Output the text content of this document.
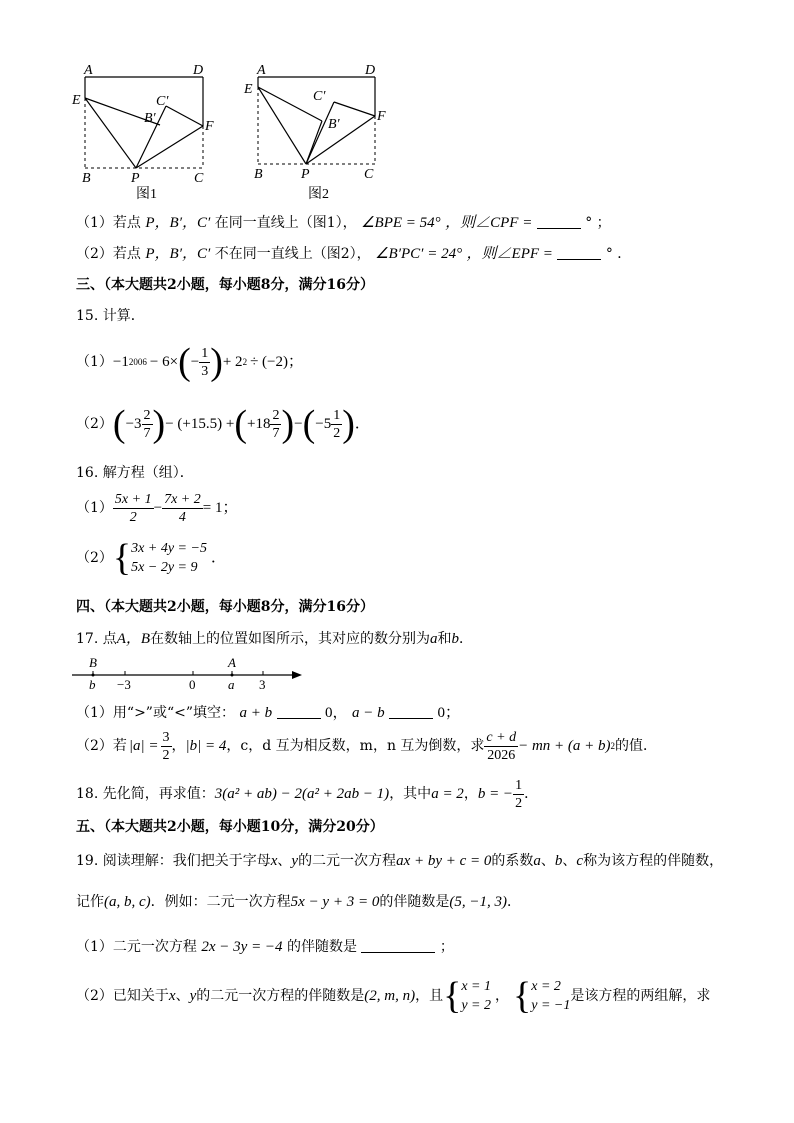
A	D
E
F
C′
B′
B	P	C
图1
A	D
E
F
C′
B′
B	P	C
图2
（1）若点 P，B′，C′ 在同一直线上（图1）， ∠BPE = 54° ，则∠CPF =	° ；
（2）若点 P，B′，C′ 不在同一直线上（图2）， ∠B′PC′ = 24° ，则∠EPF =	° ．
三、（本大题共2小题，每小题8分，满分16分）
15. 计算．
（1） −1 2006 − 6× ( − $\frac{1}{3}$ ) + 2 2 ÷ (−2)；
（2） ( $-3 \frac{2}{7}$ ) − (+15.5) + ( $+18 \frac{2}{7}$ ) − ( $-5 \frac{1}{2}$ ) ．
16. 解方程（组）．
$(1) \frac{5x + 1}{2} - \frac{7x + 2}{4} = 1$；
（2） { 3x + 4y = −5
5x − 2y = 9
．
四、（本大题共2小题，每小题8分，满分16分）
17. 点A，B在数轴上的位置如图所示，其对应的数分别为a和b．
B	A
b	a
−3	0	3
（1）用“>”或“<”填空： a + b	0， a − b	0；
（2）若 $|a| = \frac{3}{2}$ ， |b| = 4 ，c，d 互为相反数，m，n 互为倒数，求 $\frac{c + d}{2026}$ − mn + (a + b) 2 的值．
18. 先化简，再求值： 3(a² + ab) − 2(a² + 2ab − 1) ，其中 a = 2 ， b = − $\frac{1}{2}$ ．
五、（本大题共2小题，每小题10分，满分20分）
19. 阅读理解：我们把关于字母x、y的二元一次方程ax + by + c = 0的系数a、b、c称为该方程的伴随数，
记作(a, b, c)．例如：二元一次方程5x − y + 3 = 0的伴随数是(5, −1, 3)．
（1）二元一次方程 2x − 3y = −4 的伴随数是	；
（2）已知关于 x 、 y 的二元一次方程的伴随数是 (2, m, n) ，且 { x = 1
y = 2
， { x = 2
y = −1
是该方程的两组解，求
